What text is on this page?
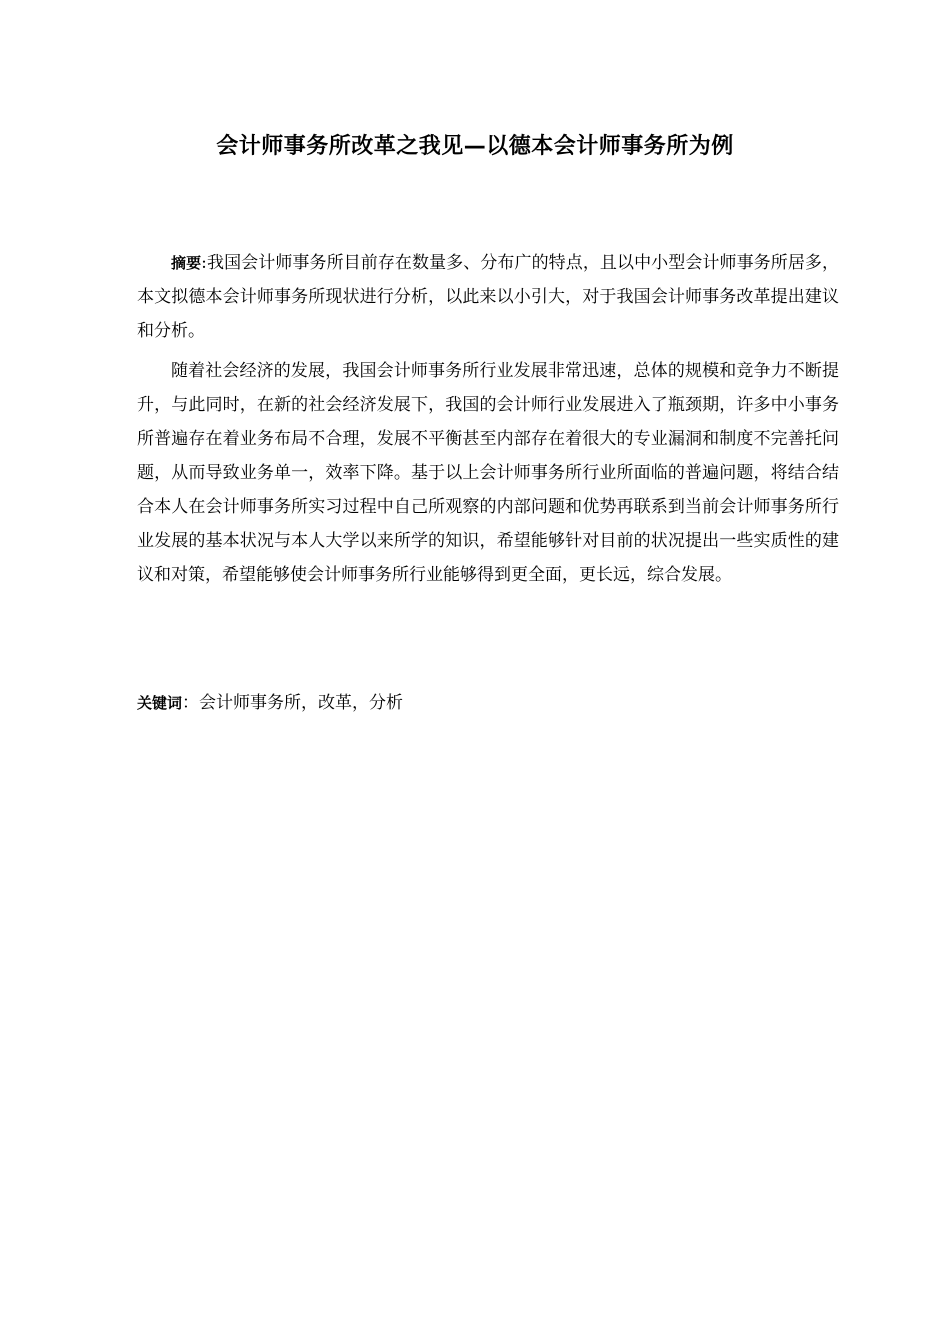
会计师事务所改革之我见—以德本会计师事务所为例
摘要:我国会计师事务所目前存在数量多、分布广的特点，且以中小型会计师事务所居多，本文拟德本会计师事务所现状进行分析，以此来以小引大，对于我国会计师事务改革提出建议和分析。
随着社会经济的发展，我国会计师事务所行业发展非常迅速，总体的规模和竞争力不断提升，与此同时，在新的社会经济发展下，我国的会计师行业发展进入了瓶颈期，许多中小事务所普遍存在着业务布局不合理，发展不平衡甚至内部存在着很大的专业漏洞和制度不完善托问题，从而导致业务单一，效率下降。基于以上会计师事务所行业所面临的普遍问题，将结合结合本人在会计师事务所实习过程中自己所观察的内部问题和优势再联系到当前会计师事务所行业发展的基本状况与本人大学以来所学的知识，希望能够针对目前的状况提出一些实质性的建议和对策，希望能够使会计师事务所行业能够得到更全面，更长远，综合发展。
关键词：会计师事务所，改革，分析
